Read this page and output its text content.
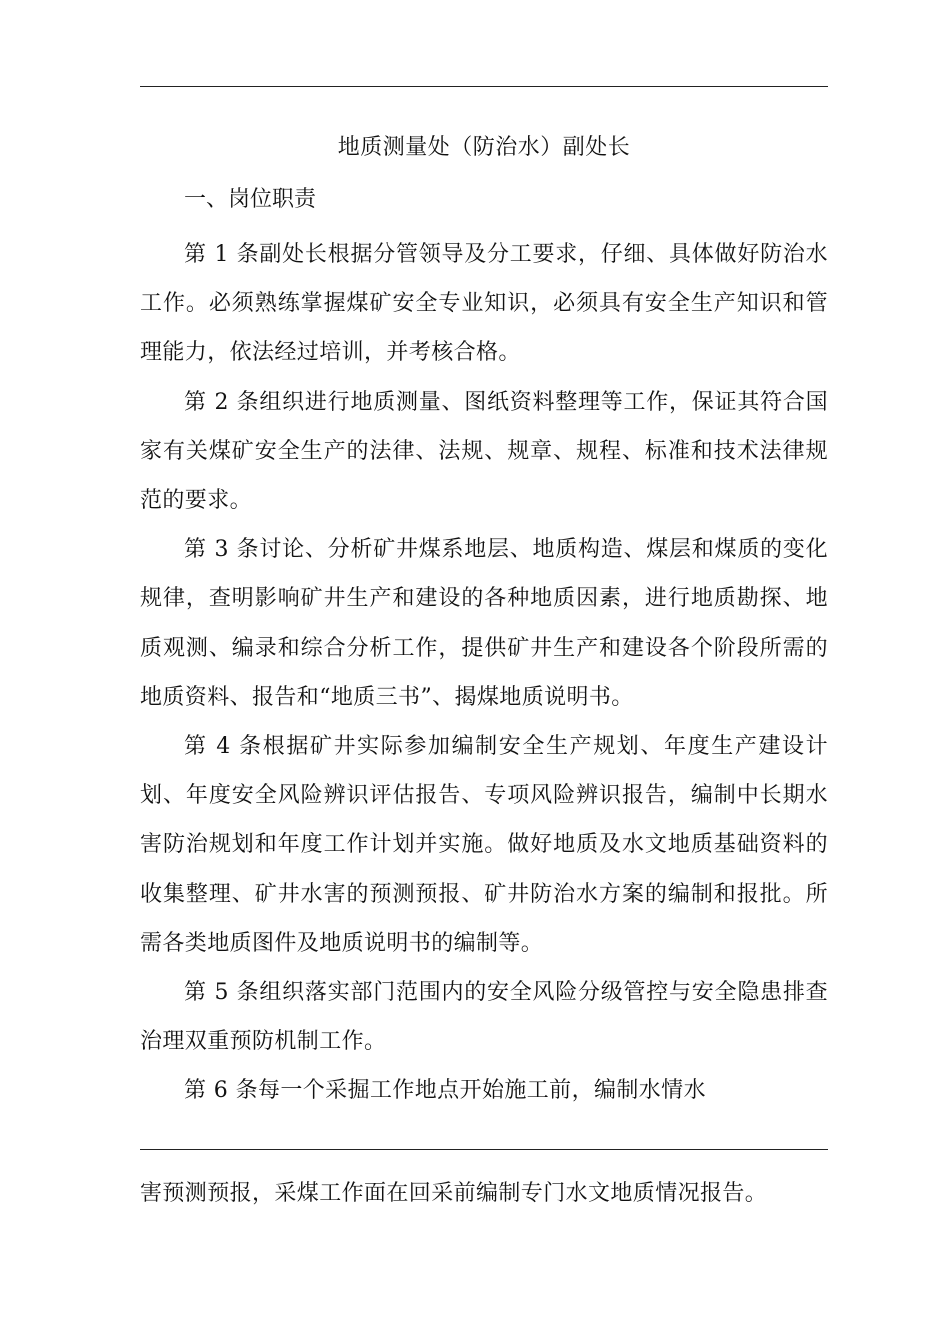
地质测量处（防治水）副处长

一、岗位职责

第 1 条副处长根据分管领导及分工要求，仔细、具体做好防治水工作。必须熟练掌握煤矿安全专业知识，必须具有安全生产知识和管理能力，依法经过培训，并考核合格。

第 2 条组织进行地质测量、图纸资料整理等工作，保证其符合国家有关煤矿安全生产的法律、法规、规章、规程、标准和技术法律规范的要求。

第 3 条讨论、分析矿井煤系地层、地质构造、煤层和煤质的变化规律，查明影响矿井生产和建设的各种地质因素，进行地质勘探、地质观测、编录和综合分析工作，提供矿井生产和建设各个阶段所需的地质资料、报告和“地质三书”、揭煤地质说明书。

第 4 条根据矿井实际参加编制安全生产规划、年度生产建设计划、年度安全风险辨识评估报告、专项风险辨识报告，编制中长期水害防治规划和年度工作计划并实施。做好地质及水文地质基础资料的收集整理、矿井水害的预测预报、矿井防治水方案的编制和报批。所需各类地质图件及地质说明书的编制等。

第 5 条组织落实部门范围内的安全风险分级管控与安全隐患排查治理双重预防机制工作。

第 6 条每一个采掘工作地点开始施工前，编制水情水

害预测预报，采煤工作面在回采前编制专门水文地质情况报告。
